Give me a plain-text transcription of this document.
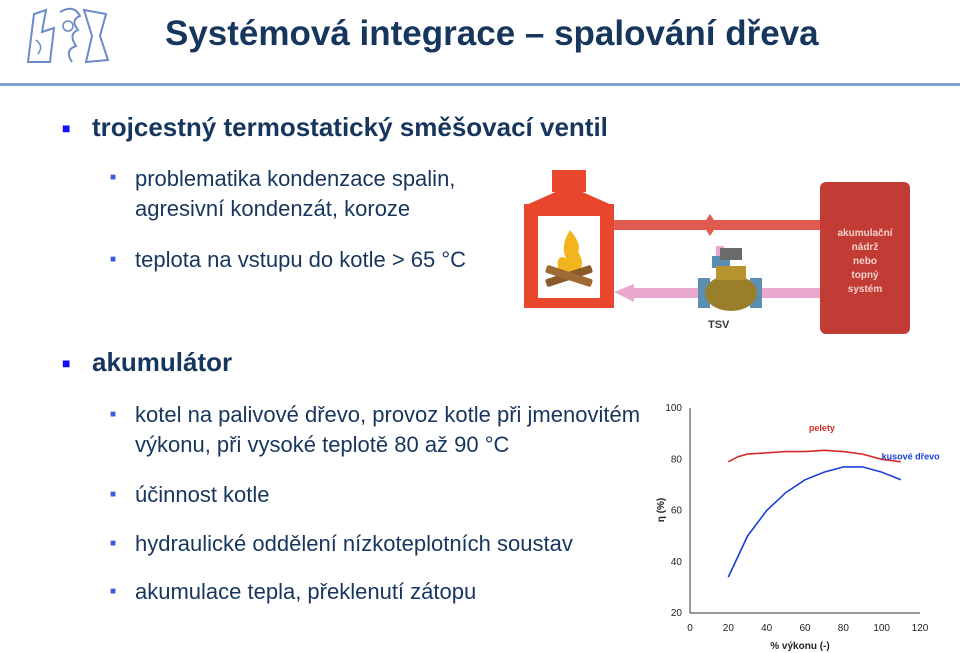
Systémová integrace – spalování dřeva
■ trojcestný termostatický směšovací ventil
■ problematika kondenzace spalin,
agresivní kondenzát, koroze
■ teplota na vstupu do kotle > 65 °C
TSV
akumulační
nádrž
nebo
topný
systém
■ akumulátor
■ kotel na palivové dřevo, provoz kotle při jmenovitém
výkonu, při vysoké teplotě 80 až 90 °C
■ účinnost kotle
■ hydraulické oddělení nízkoteplotních soustav
■ akumulace tepla, překlenutí zátopu
20
40
60
80
100
0	20	40	60	80 100 120
pelety
kusové dřevo
% výkonu (-)
η (%)
